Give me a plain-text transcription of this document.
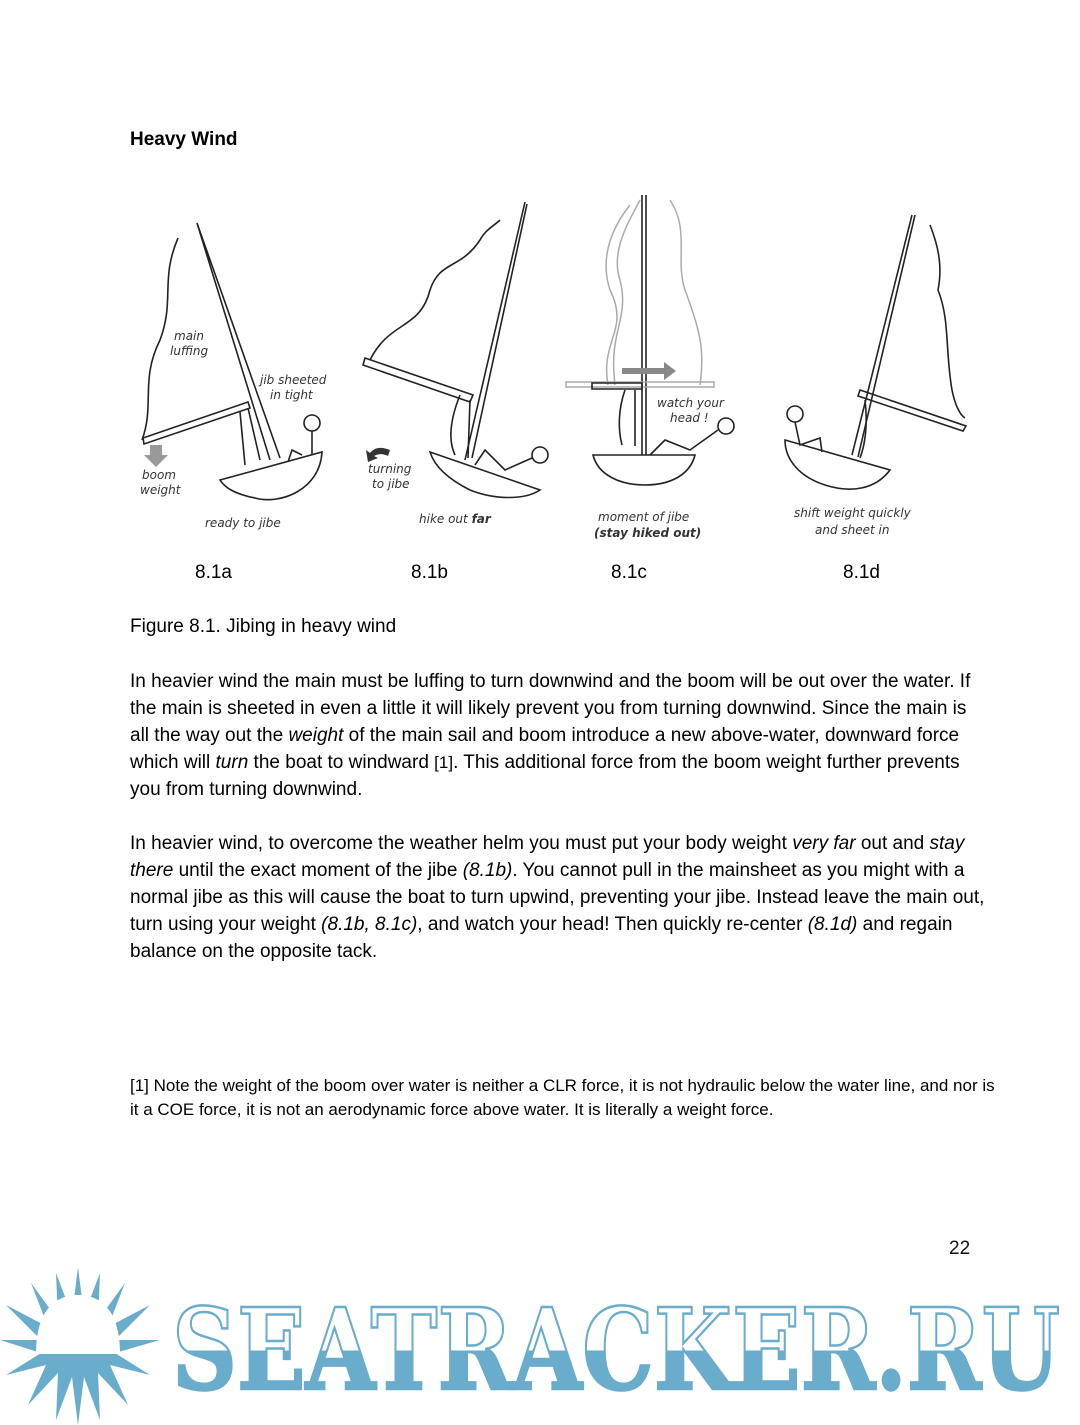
Heavy Wind
main
luffing
jib sheeted
in tight
boom
weight
ready to jibe
turning
to jibe
hike out far
watch your
head !
moment of jibe
(stay hiked out)
shift weight quickly
and sheet in
8.1a	8.1b	8.1c	8.1d
Figure 8.1. Jibing in heavy wind

In heavier wind the main must be luffing to turn downwind and the boom will be out over the water. If the main is sheeted in even a little it will likely prevent you from turning downwind. Since the main is all the way out the weight of the main sail and boom introduce a new above-water, downward force which will turn the boat to windward [1]. This additional force from the boom weight further prevents you from turning downwind.

In heavier wind, to overcome the weather helm you must put your body weight very far out and stay there until the exact moment of the jibe (8.1b). You cannot pull in the mainsheet as you might with a normal jibe as this will cause the boat to turn upwind, preventing your jibe. Instead leave the main out, turn using your weight (8.1b, 8.1c), and watch your head! Then quickly re-center (8.1d) and regain balance on the opposite tack.

[1] Note the weight of the boom over water is neither a CLR force, it is not hydraulic below the water line, and nor is it a COE force, it is not an aerodynamic force above water. It is literally a weight force.

SEATRACKER.RU
22
